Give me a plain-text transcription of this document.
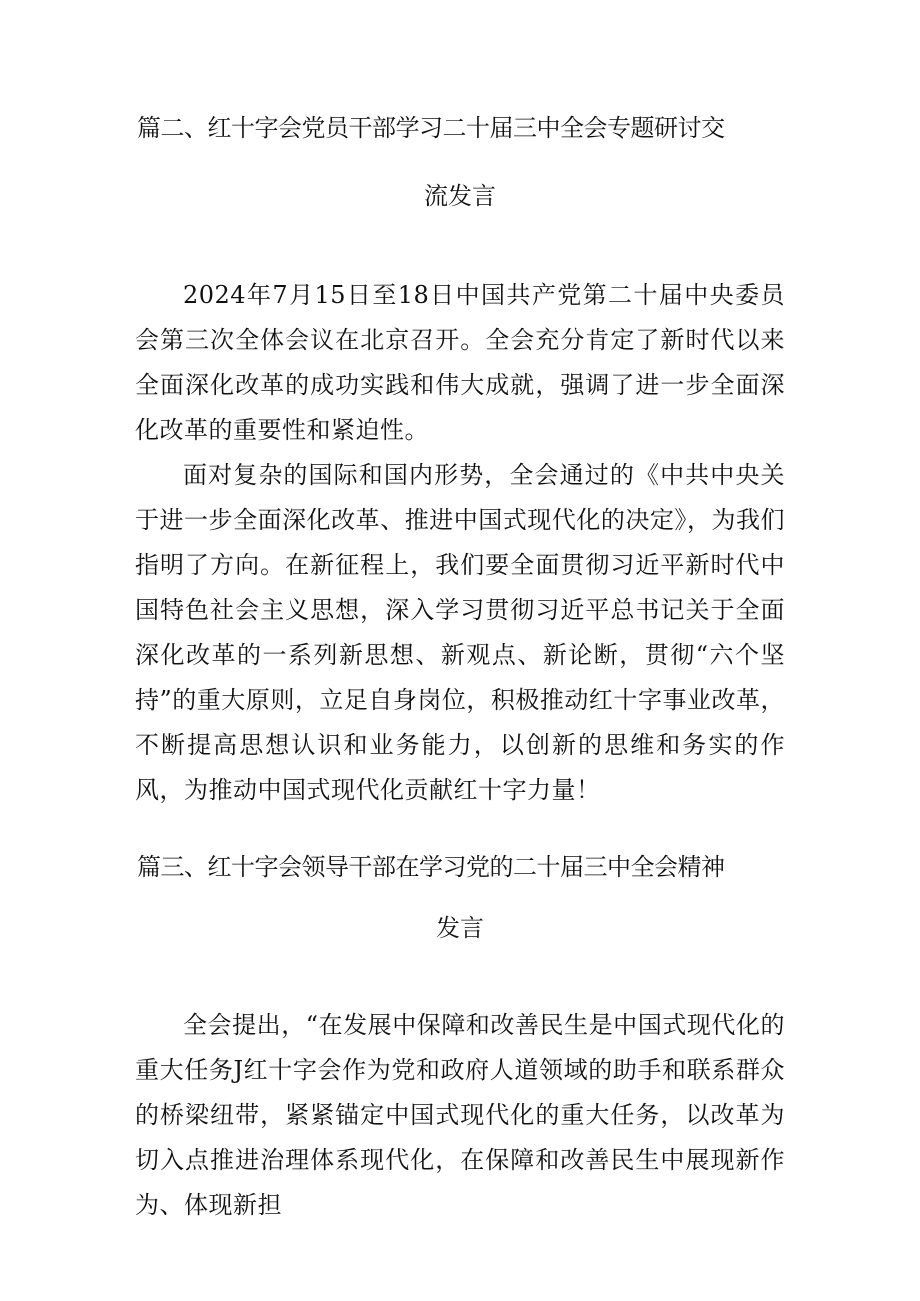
篇二、红十字会党员干部学习二十届三中全会专题研讨交
流发言
2024年7月15日至18日中国共产党第二十届中央委员会第三次全体会议在北京召开。全会充分肯定了新时代以来全面深化改革的成功实践和伟大成就，强调了进一步全面深化改革的重要性和紧迫性。
面对复杂的国际和国内形势，全会通过的《中共中央关于进一步全面深化改革、推进中国式现代化的决定》，为我们指明了方向。在新征程上，我们要全面贯彻习近平新时代中国特色社会主义思想，深入学习贯彻习近平总书记关于全面深化改革的一系列新思想、新观点、新论断，贯彻“六个坚持”的重大原则，立足自身岗位，积极推动红十字事业改革，不断提高思想认识和业务能力，以创新的思维和务实的作风，为推动中国式现代化贡献红十字力量！
篇三、红十字会领导干部在学习党的二十届三中全会精神
发言
全会提出，“在发展中保障和改善民生是中国式现代化的重大任务J红十字会作为党和政府人道领域的助手和联系群众的桥梁纽带，紧紧锚定中国式现代化的重大任务，以改革为切入点推进治理体系现代化，在保障和改善民生中展现新作为、体现新担
